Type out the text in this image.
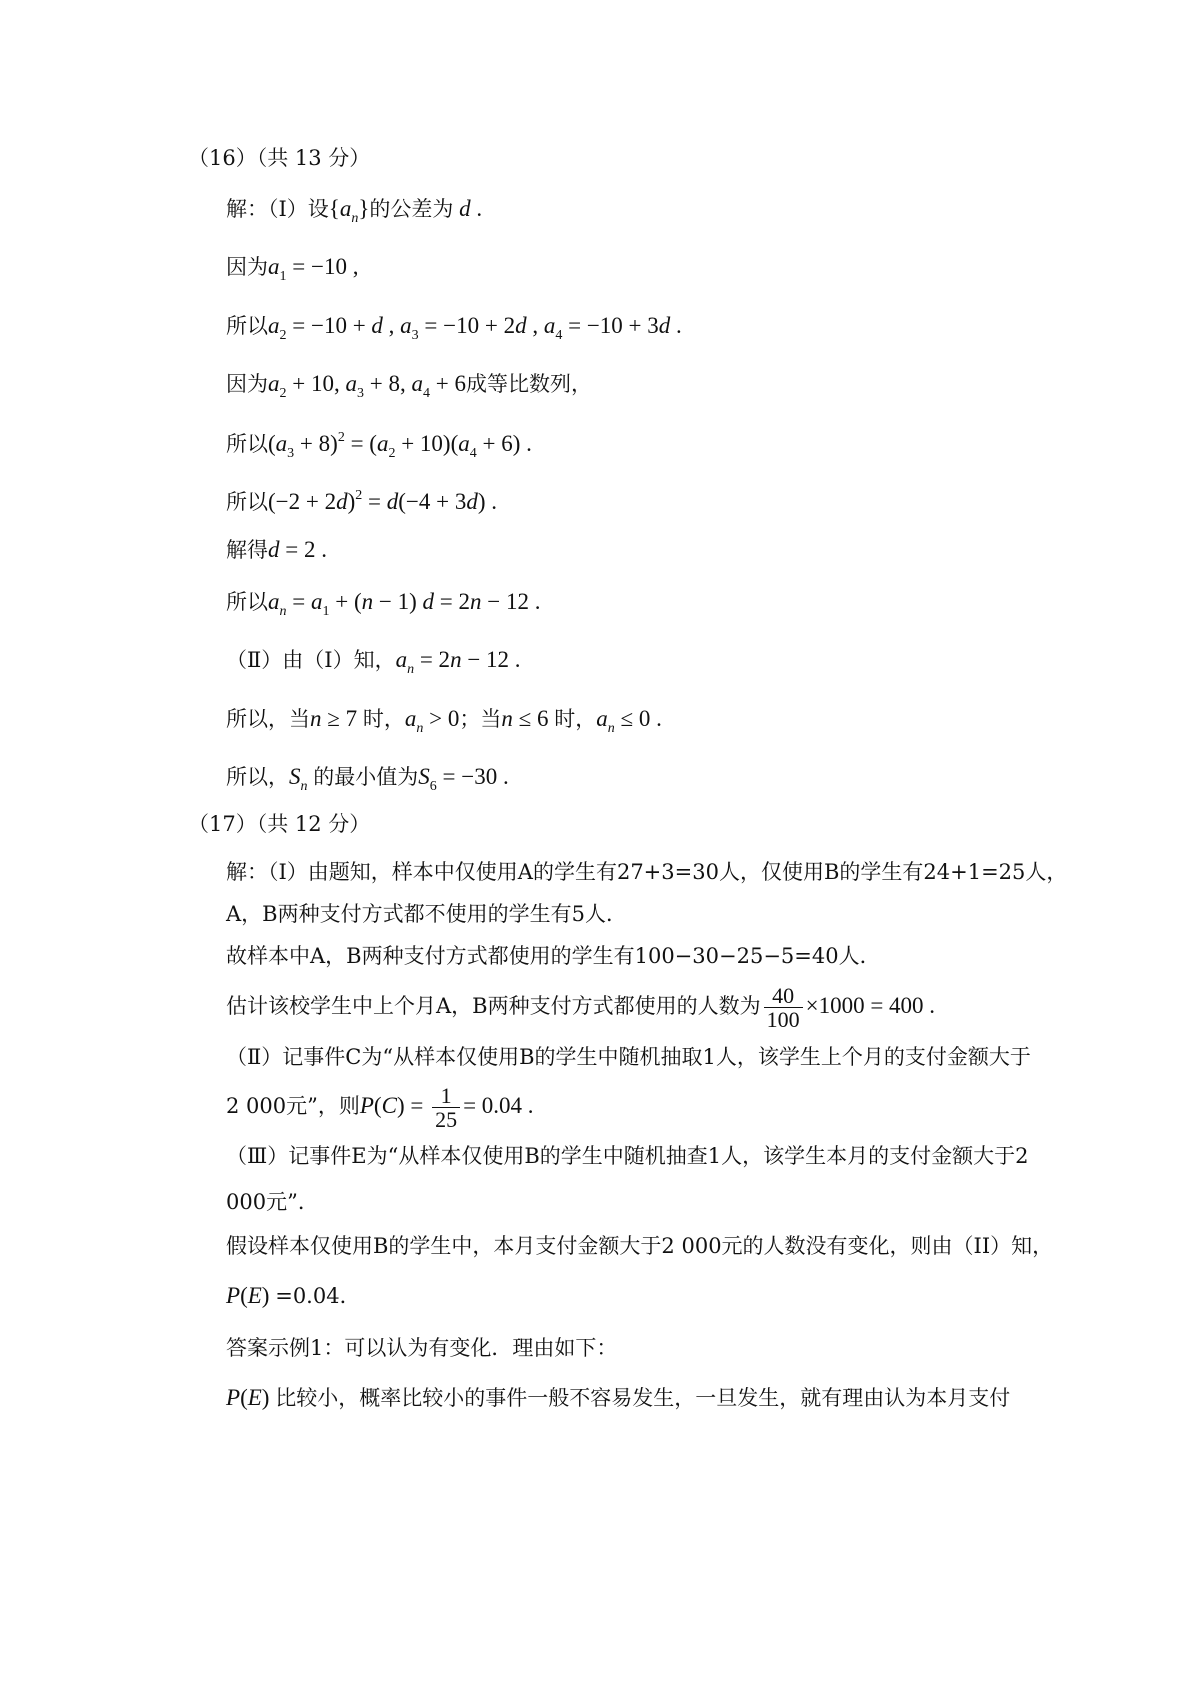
（16）（共 13 分）
解：（Ⅰ）设$\{a_n\}$的公差为 d .
因为$a_1 = -10$ ,
所以$a_2 = -10 + d$ , $a_3 = -10 + 2d$ , $a_4 = -10 + 3d$ .
因为$a_2 + 10$, $a_3 + 8$, $a_4 + 6$成等比数列，
所以$(a_3 + 8)^2 = (a_2 + 10)(a_4 + 6)$ .
所以$(-2 + 2d)^2 = d(-4 + 3d)$ .
解得d = 2 .
所以$a_n = a_1 + (n - 1) d = 2n - 12$ .
（Ⅱ）由（Ⅰ）知，$a_n = 2n - 12$ .
所以，当n ≥ 7 时，$a_n > 0$；当n ≤ 6 时，$a_n \le 0$ .
所以，$S_n$ 的最小值为$S_6 = -30$ .
（17）（共 12 分）
解：（Ⅰ）由题知，样本中仅使用A的学生有27+3=30人，仅使用B的学生有24+1=25人，
A，B两种支付方式都不使用的学生有5人．
故样本中A，B两种支付方式都使用的学生有100−30−25−5=40人．
估计该校学生中上个月A，B两种支付方式都使用的人数为 $\frac{40}{100} \times 1000 = 400$ .
（Ⅱ）记事件C为“从样本仅使用B的学生中随机抽取1人，该学生上个月的支付金额大于
2 000元”，则$P(C) = \frac{1}{25} = 0.04$ .
（Ⅲ）记事件E为“从样本仅使用B的学生中随机抽查1人，该学生本月的支付金额大于2
000元”．
假设样本仅使用B的学生中，本月支付金额大于2 000元的人数没有变化，则由（II）知，
P(E) =0.04．
答案示例1：可以认为有变化．理由如下：
P(E) 比较小，概率比较小的事件一般不容易发生，一旦发生，就有理由认为本月支付
